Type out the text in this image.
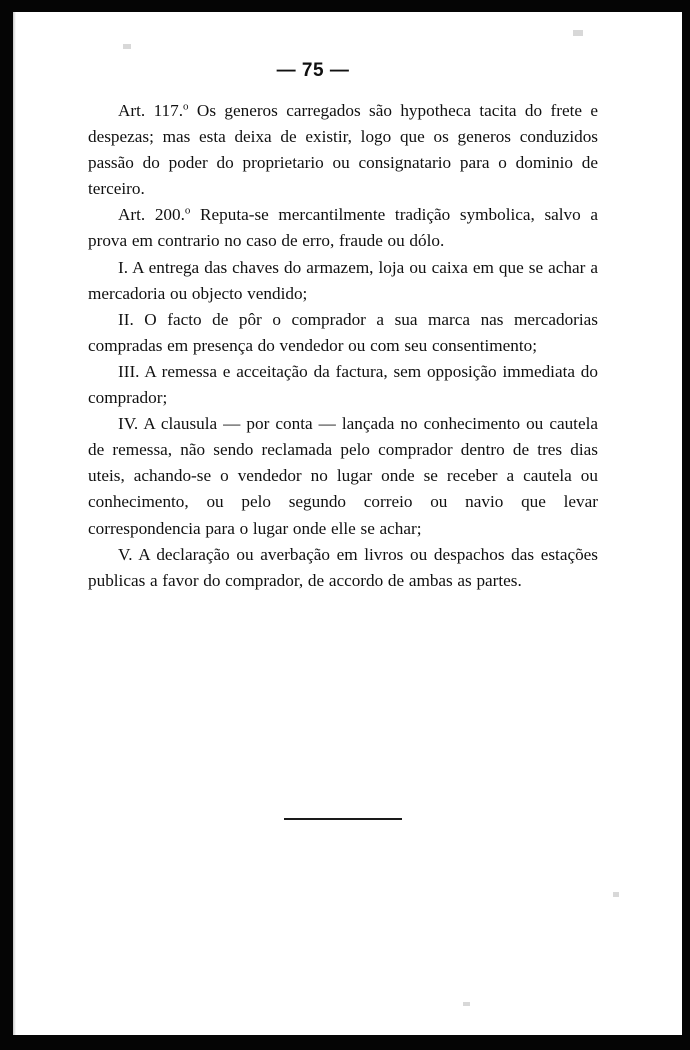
— 75 —

Art. 117.$^o$ Os generos carregados são hypotheca tacita do frete e despezas; mas esta deixa de existir, logo que os generos conduzidos passão do poder do proprietario ou consignatario para o dominio de terceiro.

Art. 200.$^o$ Reputa-se mercantilmente tradição symbolica, salvo a prova em contrario no caso de erro, fraude ou dólo.

I. A entrega das chaves do armazem, loja ou caixa em que se achar a mercadoria ou objecto vendido;

II. O facto de pôr o comprador a sua marca nas mercadorias compradas em presença do vendedor ou com seu consentimento;

III. A remessa e acceitação da factura, sem opposição immediata do comprador;

IV. A clausula — por conta — lançada no conhecimento ou cautela de remessa, não sendo reclamada pelo comprador dentro de tres dias uteis, achando-se o vendedor no lugar onde se receber a cautela ou conhecimento, ou pelo segundo correio ou navio que levar correspondencia para o lugar onde elle se achar;

V. A declaração ou averbação em livros ou despachos das estações publicas a favor do comprador, de accordo de ambas as partes.
